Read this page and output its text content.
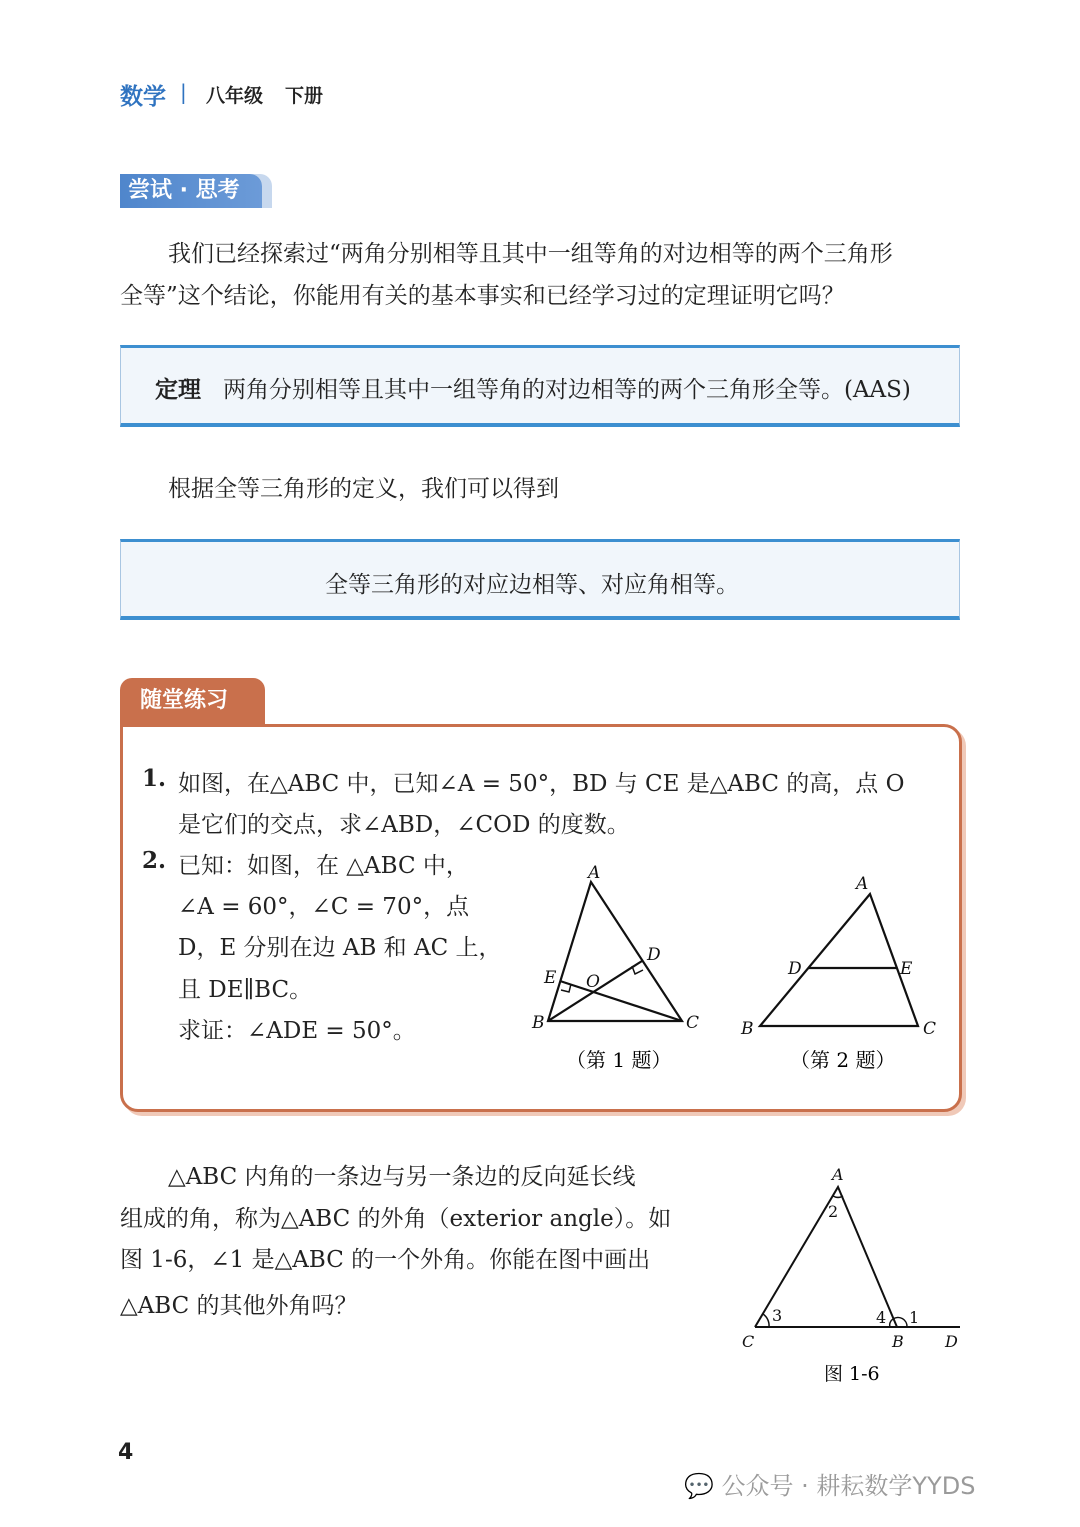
数学 | 八年级 下册
尝试 · 思考
我们已经探索过“两角分别相等且其中一组等角的对边相等的两个三角形
全等”这个结论，你能用有关的基本事实和已经学习过的定理证明它吗？
定理 两角分别相等且其中一组等角的对边相等的两个三角形全等。(AAS)
根据全等三角形的定义，我们可以得到
全等三角形的对应边相等、对应角相等。
随堂练习
1. 如图，在△ABC 中，已知∠A = 50°，BD 与 CE 是△ABC 的高，点 O
是它们的交点，求∠ABD，∠COD 的度数。
2. 已知：如图，在 △ABC 中，
∠A = 60°，∠C = 70°，点
D，E 分别在边 AB 和 AC 上，
且 DE∥BC。
求证：∠ADE = 50°。
△ABC 内角的一条边与另一条边的反向延长线
组成的角，称为△ABC 的外角（exterior angle）。如
图 1-6，∠1 是△ABC 的一个外角。你能在图中画出
△ABC 的其他外角吗？
A
B	C
D
E O
（第 1 题）
A
B	C
D	E
（第 2 题）
A
C	B	D
1
2
3	4
图 1-6
4
💬 公众号 · 耕耘数学YYDS
